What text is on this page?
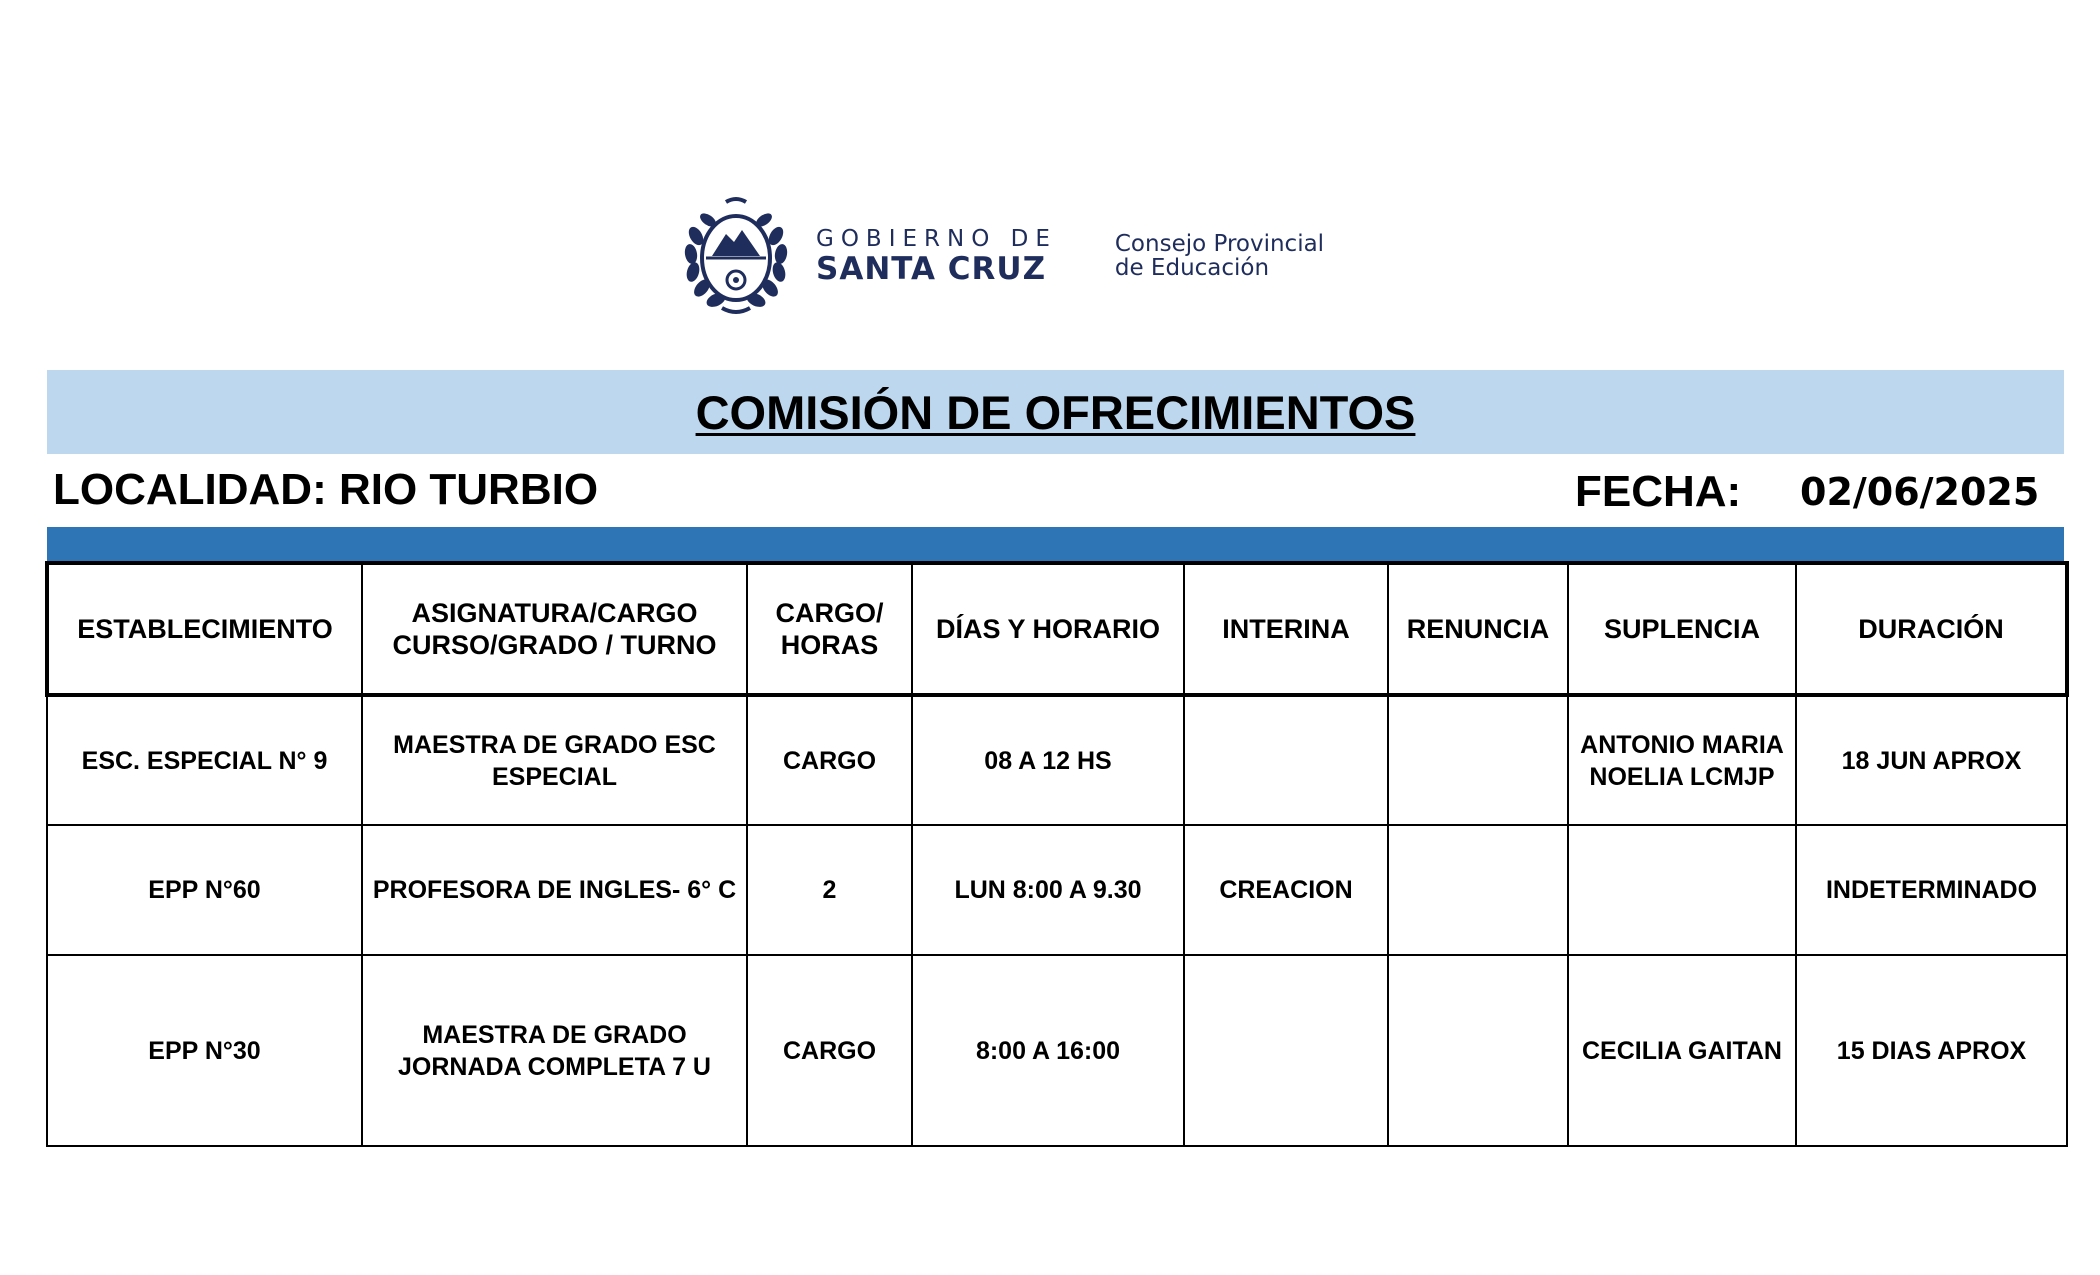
GOBIERNO DE
SANTA CRUZ
Consejo Provincial
de Educación
COMISIÓN DE OFRECIMIENTOS
LOCALIDAD: RIO TURBIO	FECHA: 02/06/2025
ESTABLECIMIENTO	ASIGNATURA/CARGO CURSO/GRADO / TURNO	CARGO/ HORAS	DÍAS Y HORARIO	INTERINA	RENUNCIA	SUPLENCIA	DURACIÓN
ESC. ESPECIAL N° 9	MAESTRA DE GRADO ESC ESPECIAL	CARGO	08 A 12 HS			ANTONIO MARIA NOELIA LCMJP	18 JUN APROX
EPP N°60	PROFESORA DE INGLES- 6° C	2	LUN 8:00 A 9.30	CREACION			INDETERMINADO
EPP N°30	MAESTRA DE GRADO JORNADA COMPLETA 7 U	CARGO	8:00 A 16:00			CECILIA GAITAN	15 DIAS APROX
